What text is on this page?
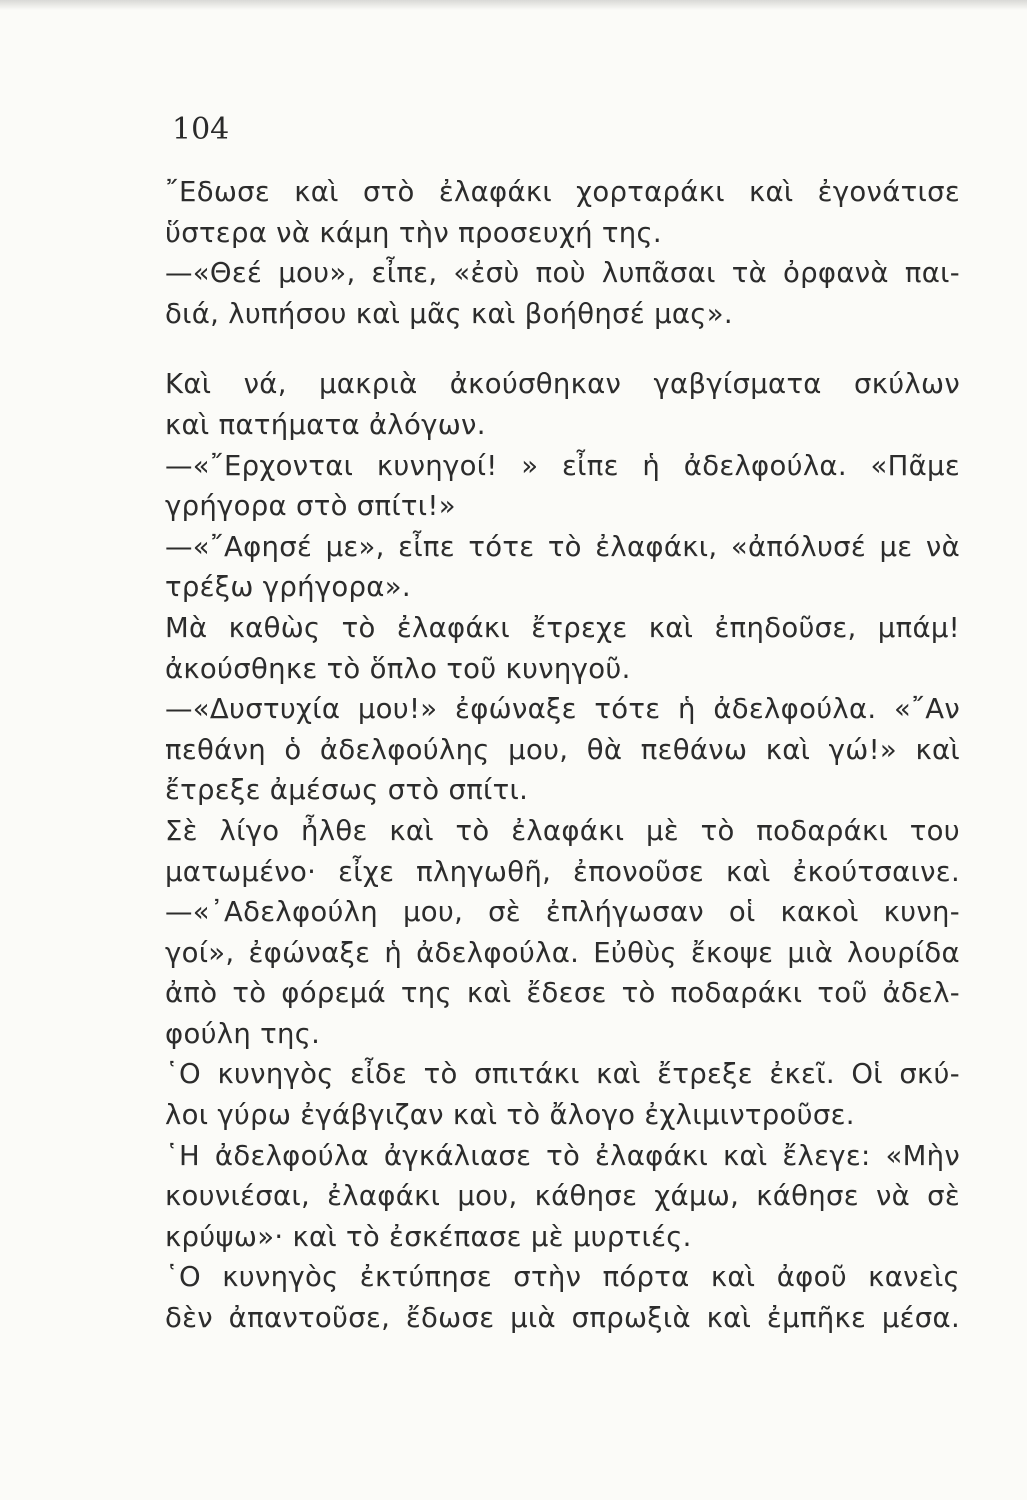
104
῎Εδωσε καὶ στὸ ἐλαφάκι χορταράκι καὶ ἐγονάτισε
ὕστερα νὰ κάμη τὴν προσευχή της.
—«Θεέ μου», εἶπε, «ἐσὺ ποὺ λυπᾶσαι τὰ ὀρφανὰ παι-
διά, λυπήσου καὶ μᾶς καὶ βοήθησέ μας».
Καὶ νά, μακριὰ ἀκούσθηκαν γαβγίσματα σκύλων
καὶ πατήματα ἀλόγων.
—«῎Ερχονται κυνηγοί! » εἶπε ἡ ἀδελφούλα. «Πᾶμε
γρήγορα στὸ σπίτι!»
—«῎Αφησέ με», εἶπε τότε τὸ ἐλαφάκι, «ἀπόλυσέ με νὰ
τρέξω γρήγορα».
Μὰ καθὼς τὸ ἐλαφάκι ἔτρεχε καὶ ἐπηδοῦσε, μπάμ!
ἀκούσθηκε τὸ ὅπλο τοῦ κυνηγοῦ.
—«Δυστυχία μου!» ἐφώναξε τότε ἡ ἀδελφούλα. «῎Αν
πεθάνη ὁ ἀδελφούλης μου, θὰ πεθάνω καὶ γώ!» καὶ
ἔτρεξε ἀμέσως στὸ σπίτι.
Σὲ λίγο ἦλθε καὶ τὸ ἐλαφάκι μὲ τὸ ποδαράκι του
ματωμένο· εἶχε πληγωθῆ, ἐπονοῦσε καὶ ἐκούτσαινε.
—«᾿Αδελφούλη μου, σὲ ἐπλήγωσαν οἱ κακοὶ κυνη-
γοί», ἐφώναξε ἡ ἀδελφούλα. Εὐθὺς ἔκοψε μιὰ λουρίδα
ἀπὸ τὸ φόρεμά της καὶ ἔδεσε τὸ ποδαράκι τοῦ ἀδελ-
φούλη της.
῾Ο κυνηγὸς εἶδε τὸ σπιτάκι καὶ ἔτρεξε ἐκεῖ. Οἱ σκύ-
λοι γύρω ἐγάβγιζαν καὶ τὸ ἄλογο ἐχλιμιντροῦσε.
῾Η ἀδελφούλα ἀγκάλιασε τὸ ἐλαφάκι καὶ ἔλεγε: «Μὴν
κουνιέσαι, ἐλαφάκι μου, κάθησε χάμω, κάθησε νὰ σὲ
κρύψω»· καὶ τὸ ἐσκέπασε μὲ μυρτιές.
῾Ο κυνηγὸς ἐκτύπησε στὴν πόρτα καὶ ἀφοῦ κανεὶς
δὲν ἀπαντοῦσε, ἔδωσε μιὰ σπρωξιὰ καὶ ἐμπῆκε μέσα.
